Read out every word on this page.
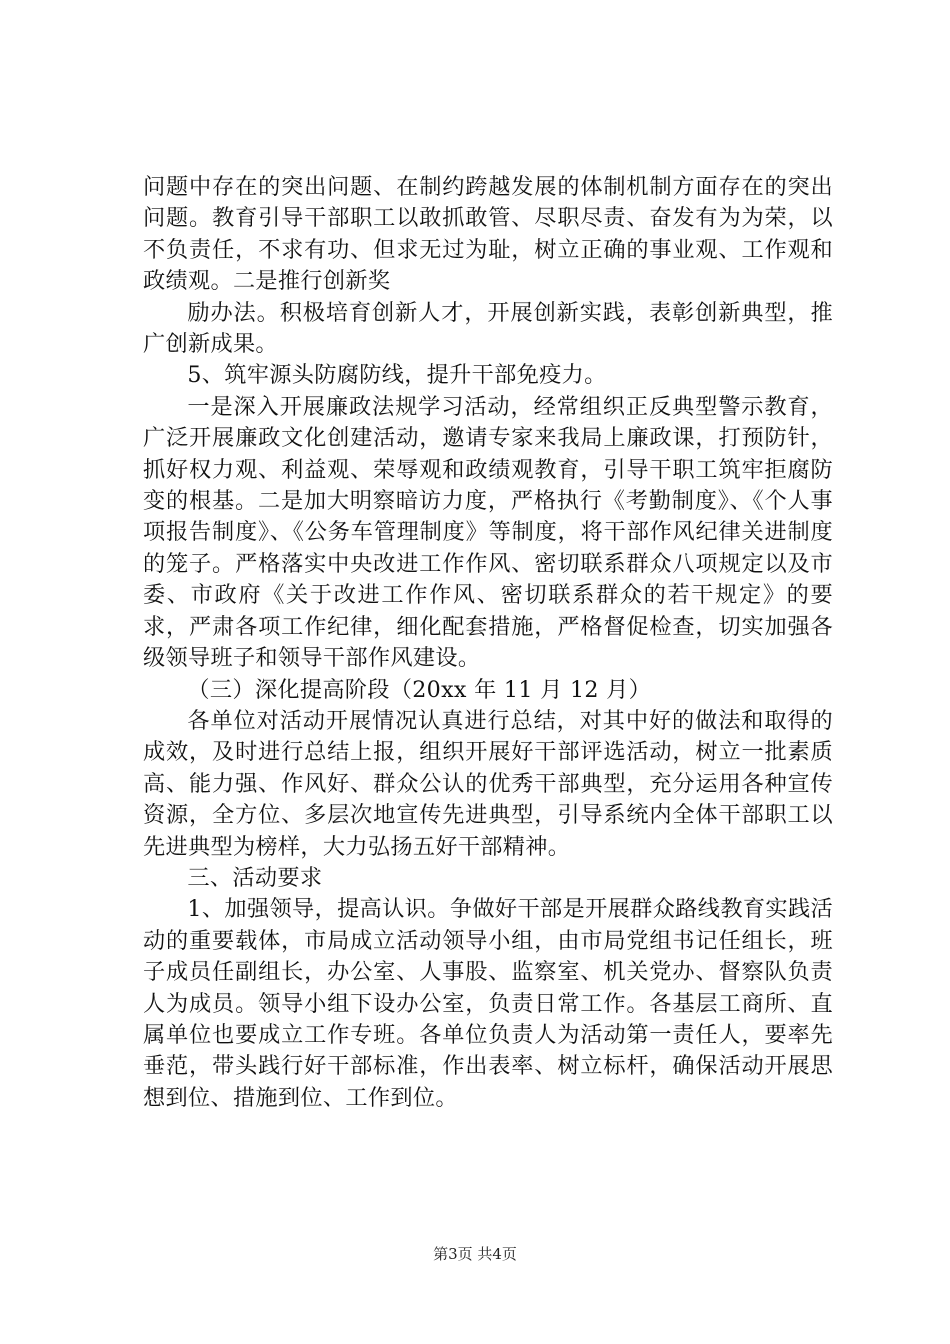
问题中存在的突出问题、在制约跨越发展的体制机制方面存在的突出问题。教育引导干部职工以敢抓敢管、尽职尽责、奋发有为为荣，以不负责任，不求有功、但求无过为耻，树立正确的事业观、工作观和政绩观。二是推行创新奖

励办法。积极培育创新人才，开展创新实践，表彰创新典型，推广创新成果。

5、筑牢源头防腐防线，提升干部免疫力。

一是深入开展廉政法规学习活动，经常组织正反典型警示教育，广泛开展廉政文化创建活动，邀请专家来我局上廉政课，打预防针，抓好权力观、利益观、荣辱观和政绩观教育，引导干职工筑牢拒腐防变的根基。二是加大明察暗访力度，严格执行《考勤制度》、《个人事项报告制度》、《公务车管理制度》等制度，将干部作风纪律关进制度的笼子。严格落实中央改进工作作风、密切联系群众八项规定以及市委、市政府《关于改进工作作风、密切联系群众的若干规定》的要求，严肃各项工作纪律，细化配套措施，严格督促检查，切实加强各级领导班子和领导干部作风建设。

（三）深化提高阶段（20xx 年 11 月 12 月）

各单位对活动开展情况认真进行总结，对其中好的做法和取得的成效，及时进行总结上报，组织开展好干部评选活动，树立一批素质高、能力强、作风好、群众公认的优秀干部典型，充分运用各种宣传资源，全方位、多层次地宣传先进典型，引导系统内全体干部职工以先进典型为榜样，大力弘扬五好干部精神。

三、活动要求

1、加强领导，提高认识。争做好干部是开展群众路线教育实践活动的重要载体，市局成立活动领导小组，由市局党组书记任组长，班子成员任副组长，办公室、人事股、监察室、机关党办、督察队负责人为成员。领导小组下设办公室，负责日常工作。各基层工商所、直属单位也要成立工作专班。各单位负责人为活动第一责任人，要率先垂范，带头践行好干部标准，作出表率、树立标杆，确保活动开展思想到位、措施到位、工作到位。

第3页 共4页
